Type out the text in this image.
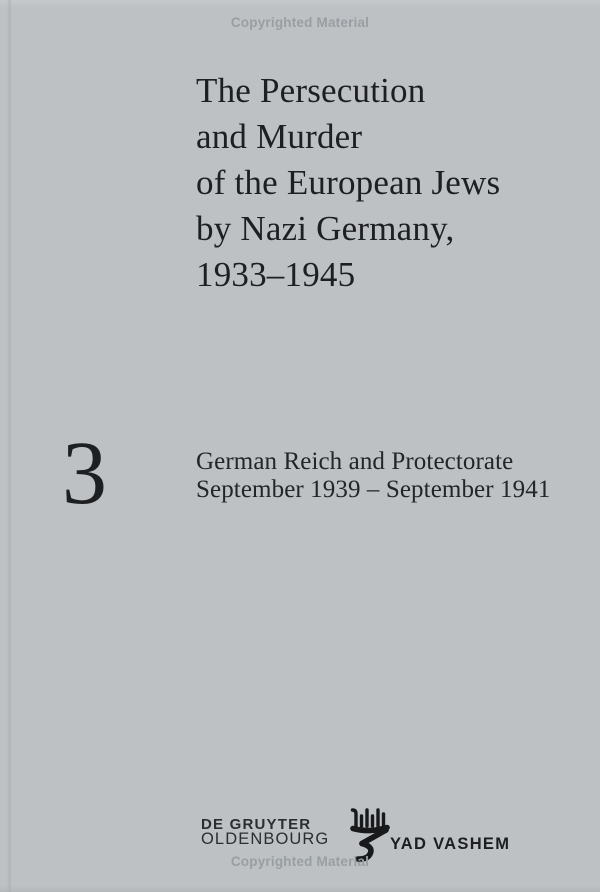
Copyrighted Material
The Persecution
and Murder
of the European Jews
by Nazi Germany,
1933–1945
3	German Reich and Protectorate
September 1939 – September 1941
DE GRUYTER
OLDENBOURG	YAD VASHEM
Copyrighted Material
